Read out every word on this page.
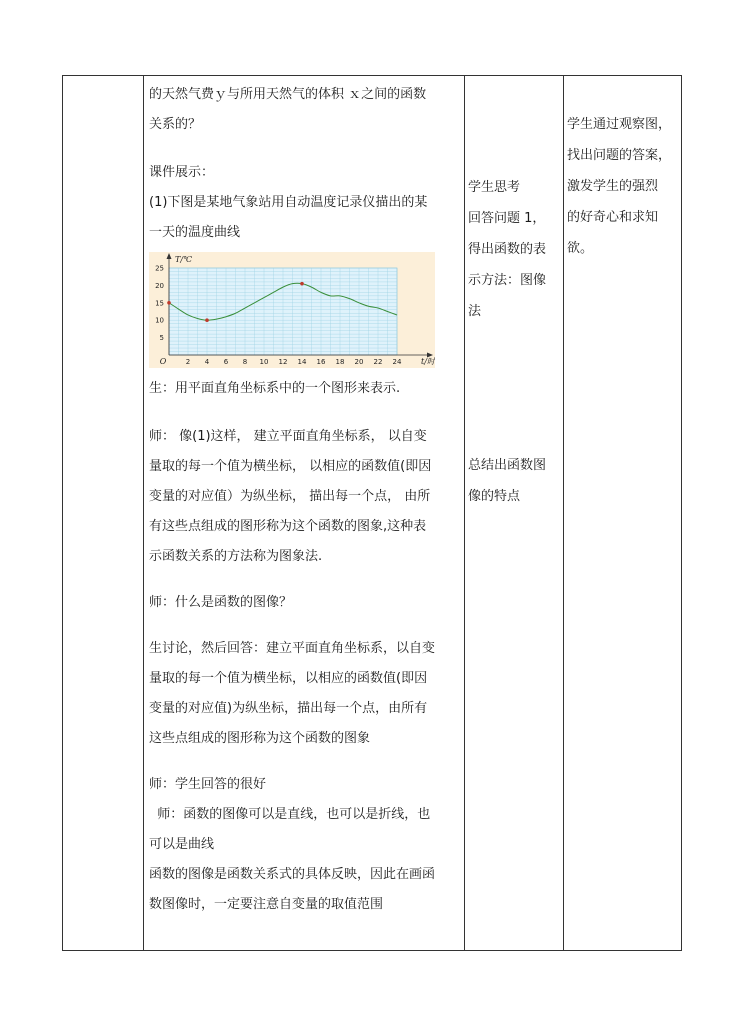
的天然气费ｙ与所用天然气的体积 ｘ之间的函数

关系的？

课件展示：

(1)下图是某地气象站用自动温度记录仪描出的某

一天的温度曲线

2 4 6 8 10 12 14 16 18 20 22 24
5
10
15
20
25
O
T/℃
t/时

生：用平面直角坐标系中的一个图形来表示.

师： 像(1)这样， 建立平面直角坐标系， 以自变

量取的每一个值为横坐标， 以相应的函数值(即因

变量的对应值）为纵坐标， 描出每一个点， 由所

有这些点组成的图形称为这个函数的图象,这种表

示函数关系的方法称为图象法.

师：什么是函数的图像？

生讨论，然后回答：建立平面直角坐标系，以自变

量取的每一个值为横坐标，以相应的函数值(即因

变量的对应值)为纵坐标，描出每一个点，由所有

这些点组成的图形称为这个函数的图象

师：学生回答的很好

师：函数的图像可以是直线，也可以是折线，也

可以是曲线

函数的图像是函数关系式的具体反映，因此在画函

数图像时，一定要注意自变量的取值范围

学生思考

回答问题 1，

得出函数的表

示方法：图像

法

总结出函数图

像的特点

学生通过观察图，

找出问题的答案，

激发学生的强烈

的好奇心和求知

欲。
